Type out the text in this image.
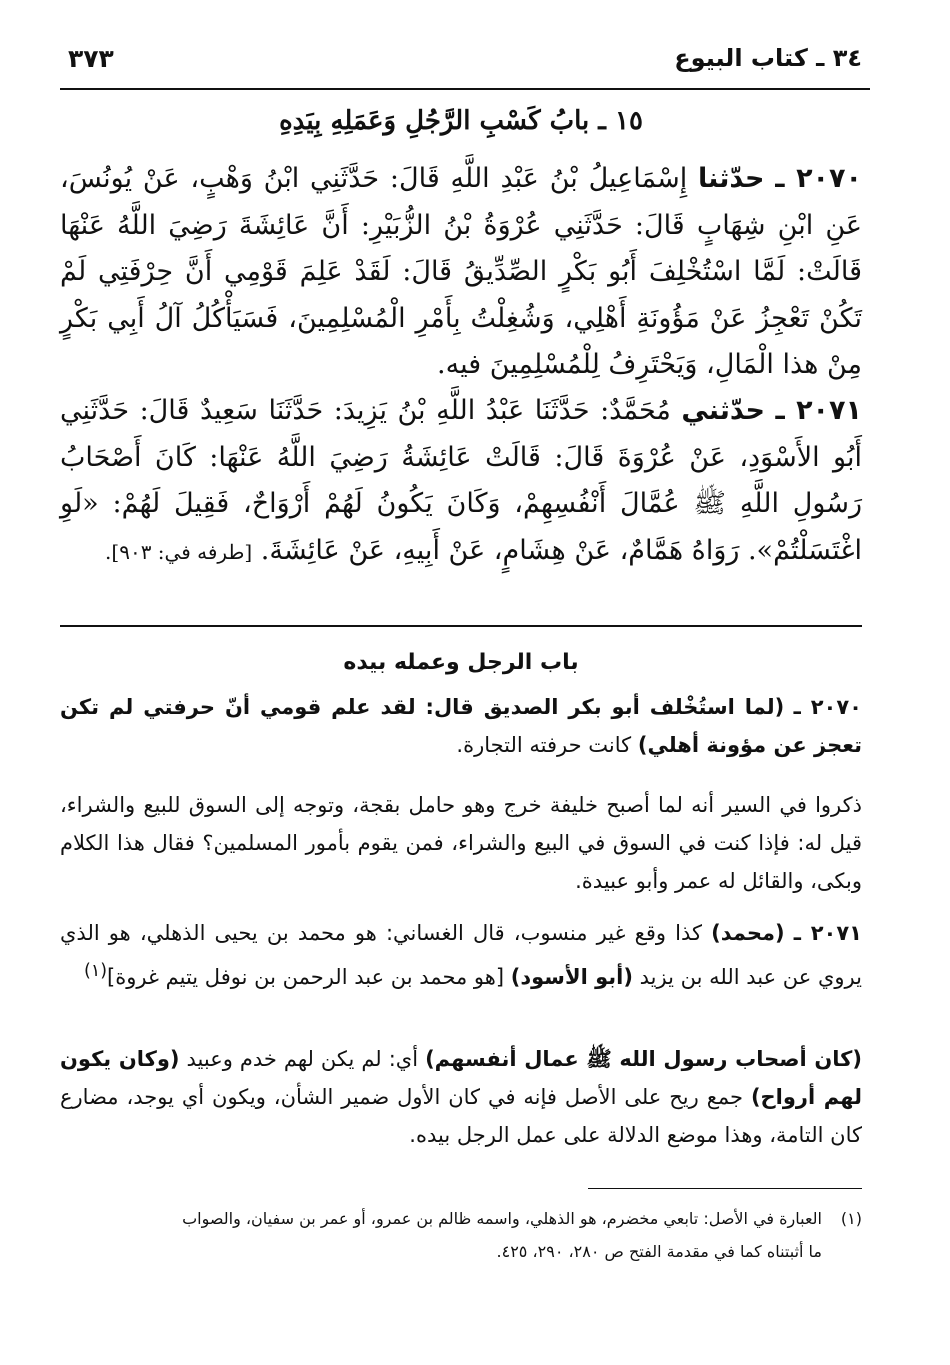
٣٧٣	٣٤ ـ كتاب البيوع
١٥ ـ بابُ كَسْبِ الرَّجُلِ وَعَمَلِهِ بِيَدِهِ
٢٠٧٠ ـ حدّثنا إِسْمَاعِيلُ بْنُ عَبْدِ اللَّهِ قَالَ: حَدَّثَنِي ابْنُ وَهْبٍ، عَنْ يُونُسَ، عَنِ ابْنِ شِهَابٍ قَالَ: حَدَّثَنِي عُرْوَةُ بْنُ الزُّبَيْرِ: أَنَّ عَائِشَةَ رَضِيَ اللَّهُ عَنْهَا قَالَتْ: لَمَّا اسْتُخْلِفَ أَبُو بَكْرٍ الصِّدِّيقُ قَالَ: لَقَدْ عَلِمَ قَوْمِي أَنَّ حِرْفَتِي لَمْ تَكُنْ تَعْجِزُ عَنْ مَؤُونَةِ أَهْلِي، وَشُغِلْتُ بِأَمْرِ الْمُسْلِمِينَ، فَسَيَأْكُلُ آلُ أَبِي بَكْرٍ مِنْ هذا الْمَالِ، وَيَحْتَرِفُ لِلْمُسْلِمِينَ فيه.
٢٠٧١ ـ حدّثني مُحَمَّدٌ: حَدَّثَنَا عَبْدُ اللَّهِ بْنُ يَزِيدَ: حَدَّثَنَا سَعِيدٌ قَالَ: حَدَّثَنِي أَبُو الأَسْوَدِ، عَنْ عُرْوَةَ قَالَ: قَالَتْ عَائِشَةُ رَضِيَ اللَّهُ عَنْهَا: كَانَ أَصْحَابُ رَسُولِ اللَّهِ ﷺ عُمَّالَ أَنْفُسِهِمْ، وَكَانَ يَكُونُ لَهُمْ أَرْوَاحٌ، فَقِيلَ لَهُمْ: «لَوِ اغْتَسَلْتُمْ». رَوَاهُ هَمَّامٌ، عَنْ هِشَامٍ، عَنْ أَبِيهِ، عَنْ عَائِشَةَ. [طرفه في: ٩٠٣].
باب الرجل وعمله بيده
٢٠٧٠ ـ (لما استُخْلف أبو بكر الصديق قال: لقد علم قومي أنّ حرفتي لم تكن تعجز عن مؤونة أهلي) كانت حرفته التجارة.
ذكروا في السير أنه لما أصبح خليفة خرج وهو حامل بقجة، وتوجه إلى السوق للبيع والشراء، قيل له: فإذا كنت في السوق في البيع والشراء، فمن يقوم بأمور المسلمين؟ فقال هذا الكلام وبكى، والقائل له عمر وأبو عبيدة.
٢٠٧١ ـ (محمد) كذا وقع غير منسوب، قال الغساني: هو محمد بن يحيى الذهلي، هو الذي يروي عن عبد الله بن يزيد (أبو الأسود) [هو محمد بن عبد الرحمن بن نوفل يتيم غروة]$^{(١)}$
(كان أصحاب رسول الله ﷺ عمال أنفسهم) أي: لم يكن لهم خدم وعبيد (وكان يكون لهم أرواح) جمع ريح على الأصل فإنه في كان الأول ضمير الشأن، ويكون أي يوجد، مضارع كان التامة، وهذا موضع الدلالة على عمل الرجل بيده.
(١)العبارة في الأصل: تابعي مخضرم، هو الذهلي، واسمه ظالم بن عمرو، أو عمر بن سفيان، والصواب
ما أثبتناه كما في مقدمة الفتح ص ٢٨٠، ٢٩٠، ٤٢٥.
